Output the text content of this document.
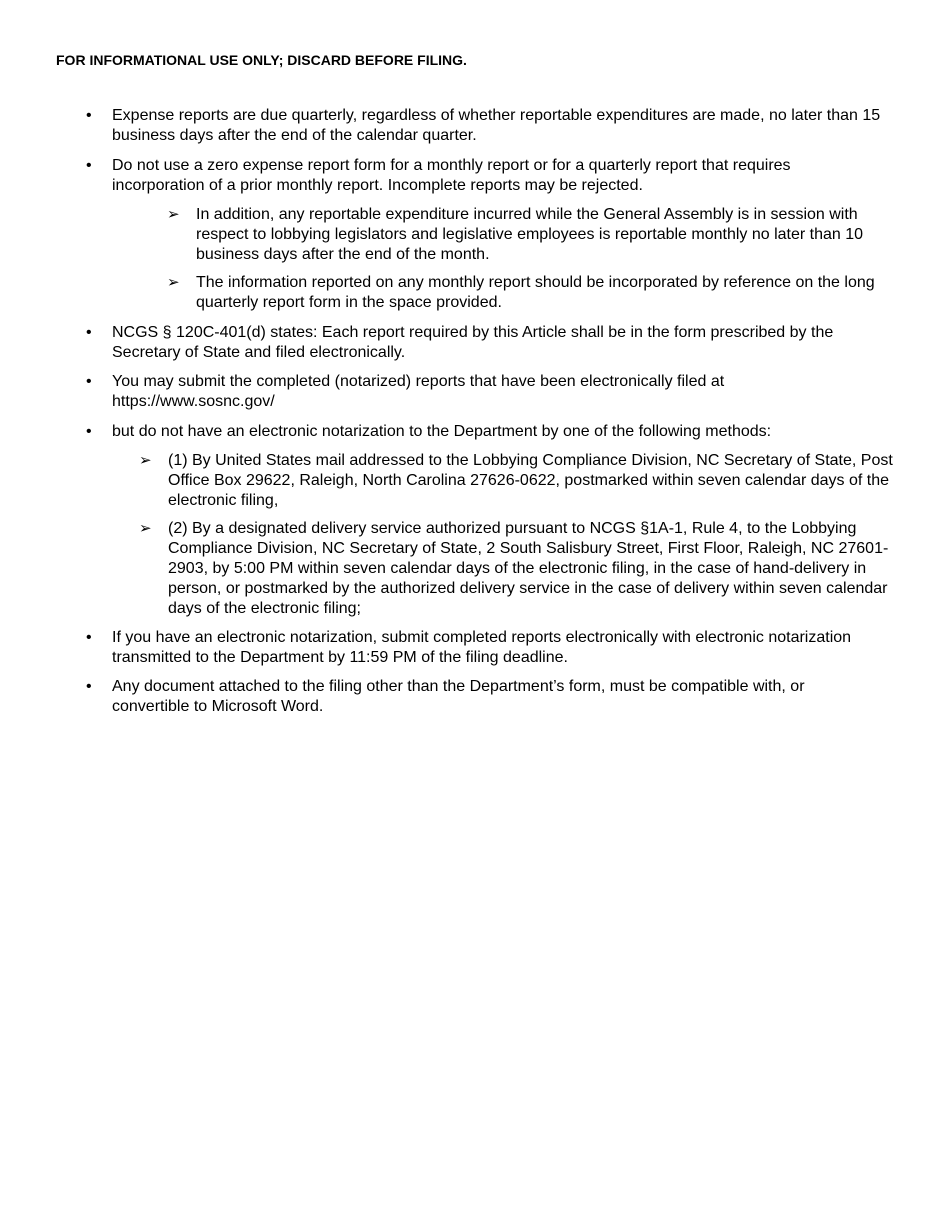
FOR INFORMATIONAL USE ONLY; DISCARD BEFORE FILING.
• Expense reports are due quarterly, regardless of whether reportable expenditures are made, no later than 15 business days after the end of the calendar quarter.
• Do not use a zero expense report form for a monthly report or for a quarterly report that requires incorporation of a prior monthly report. Incomplete reports may be rejected.
➢ In addition, any reportable expenditure incurred while the General Assembly is in session with respect to lobbying legislators and legislative employees is reportable monthly no later than 10 business days after the end of the month.
➢ The information reported on any monthly report should be incorporated by reference on the long quarterly report form in the space provided.
• NCGS § 120C-401(d) states: Each report required by this Article shall be in the form prescribed by the Secretary of State and filed electronically.
• You may submit the completed (notarized) reports that have been electronically filed at https://www.sosnc.gov/
• but do not have an electronic notarization to the Department by one of the following methods:
➢ (1) By United States mail addressed to the Lobbying Compliance Division, NC Secretary of State, Post Office Box 29622, Raleigh, North Carolina 27626-0622, postmarked within seven calendar days of the electronic filing,
➢ (2) By a designated delivery service authorized pursuant to NCGS §1A-1, Rule 4, to the Lobbying Compliance Division, NC Secretary of State, 2 South Salisbury Street, First Floor, Raleigh, NC 27601-2903, by 5:00 PM within seven calendar days of the electronic filing, in the case of hand-delivery in person, or postmarked by the authorized delivery service in the case of delivery within seven calendar days of the electronic filing;
• If you have an electronic notarization, submit completed reports electronically with electronic notarization transmitted to the Department by 11:59 PM of the filing deadline.
• Any document attached to the filing other than the Department’s form, must be compatible with, or convertible to Microsoft Word.
